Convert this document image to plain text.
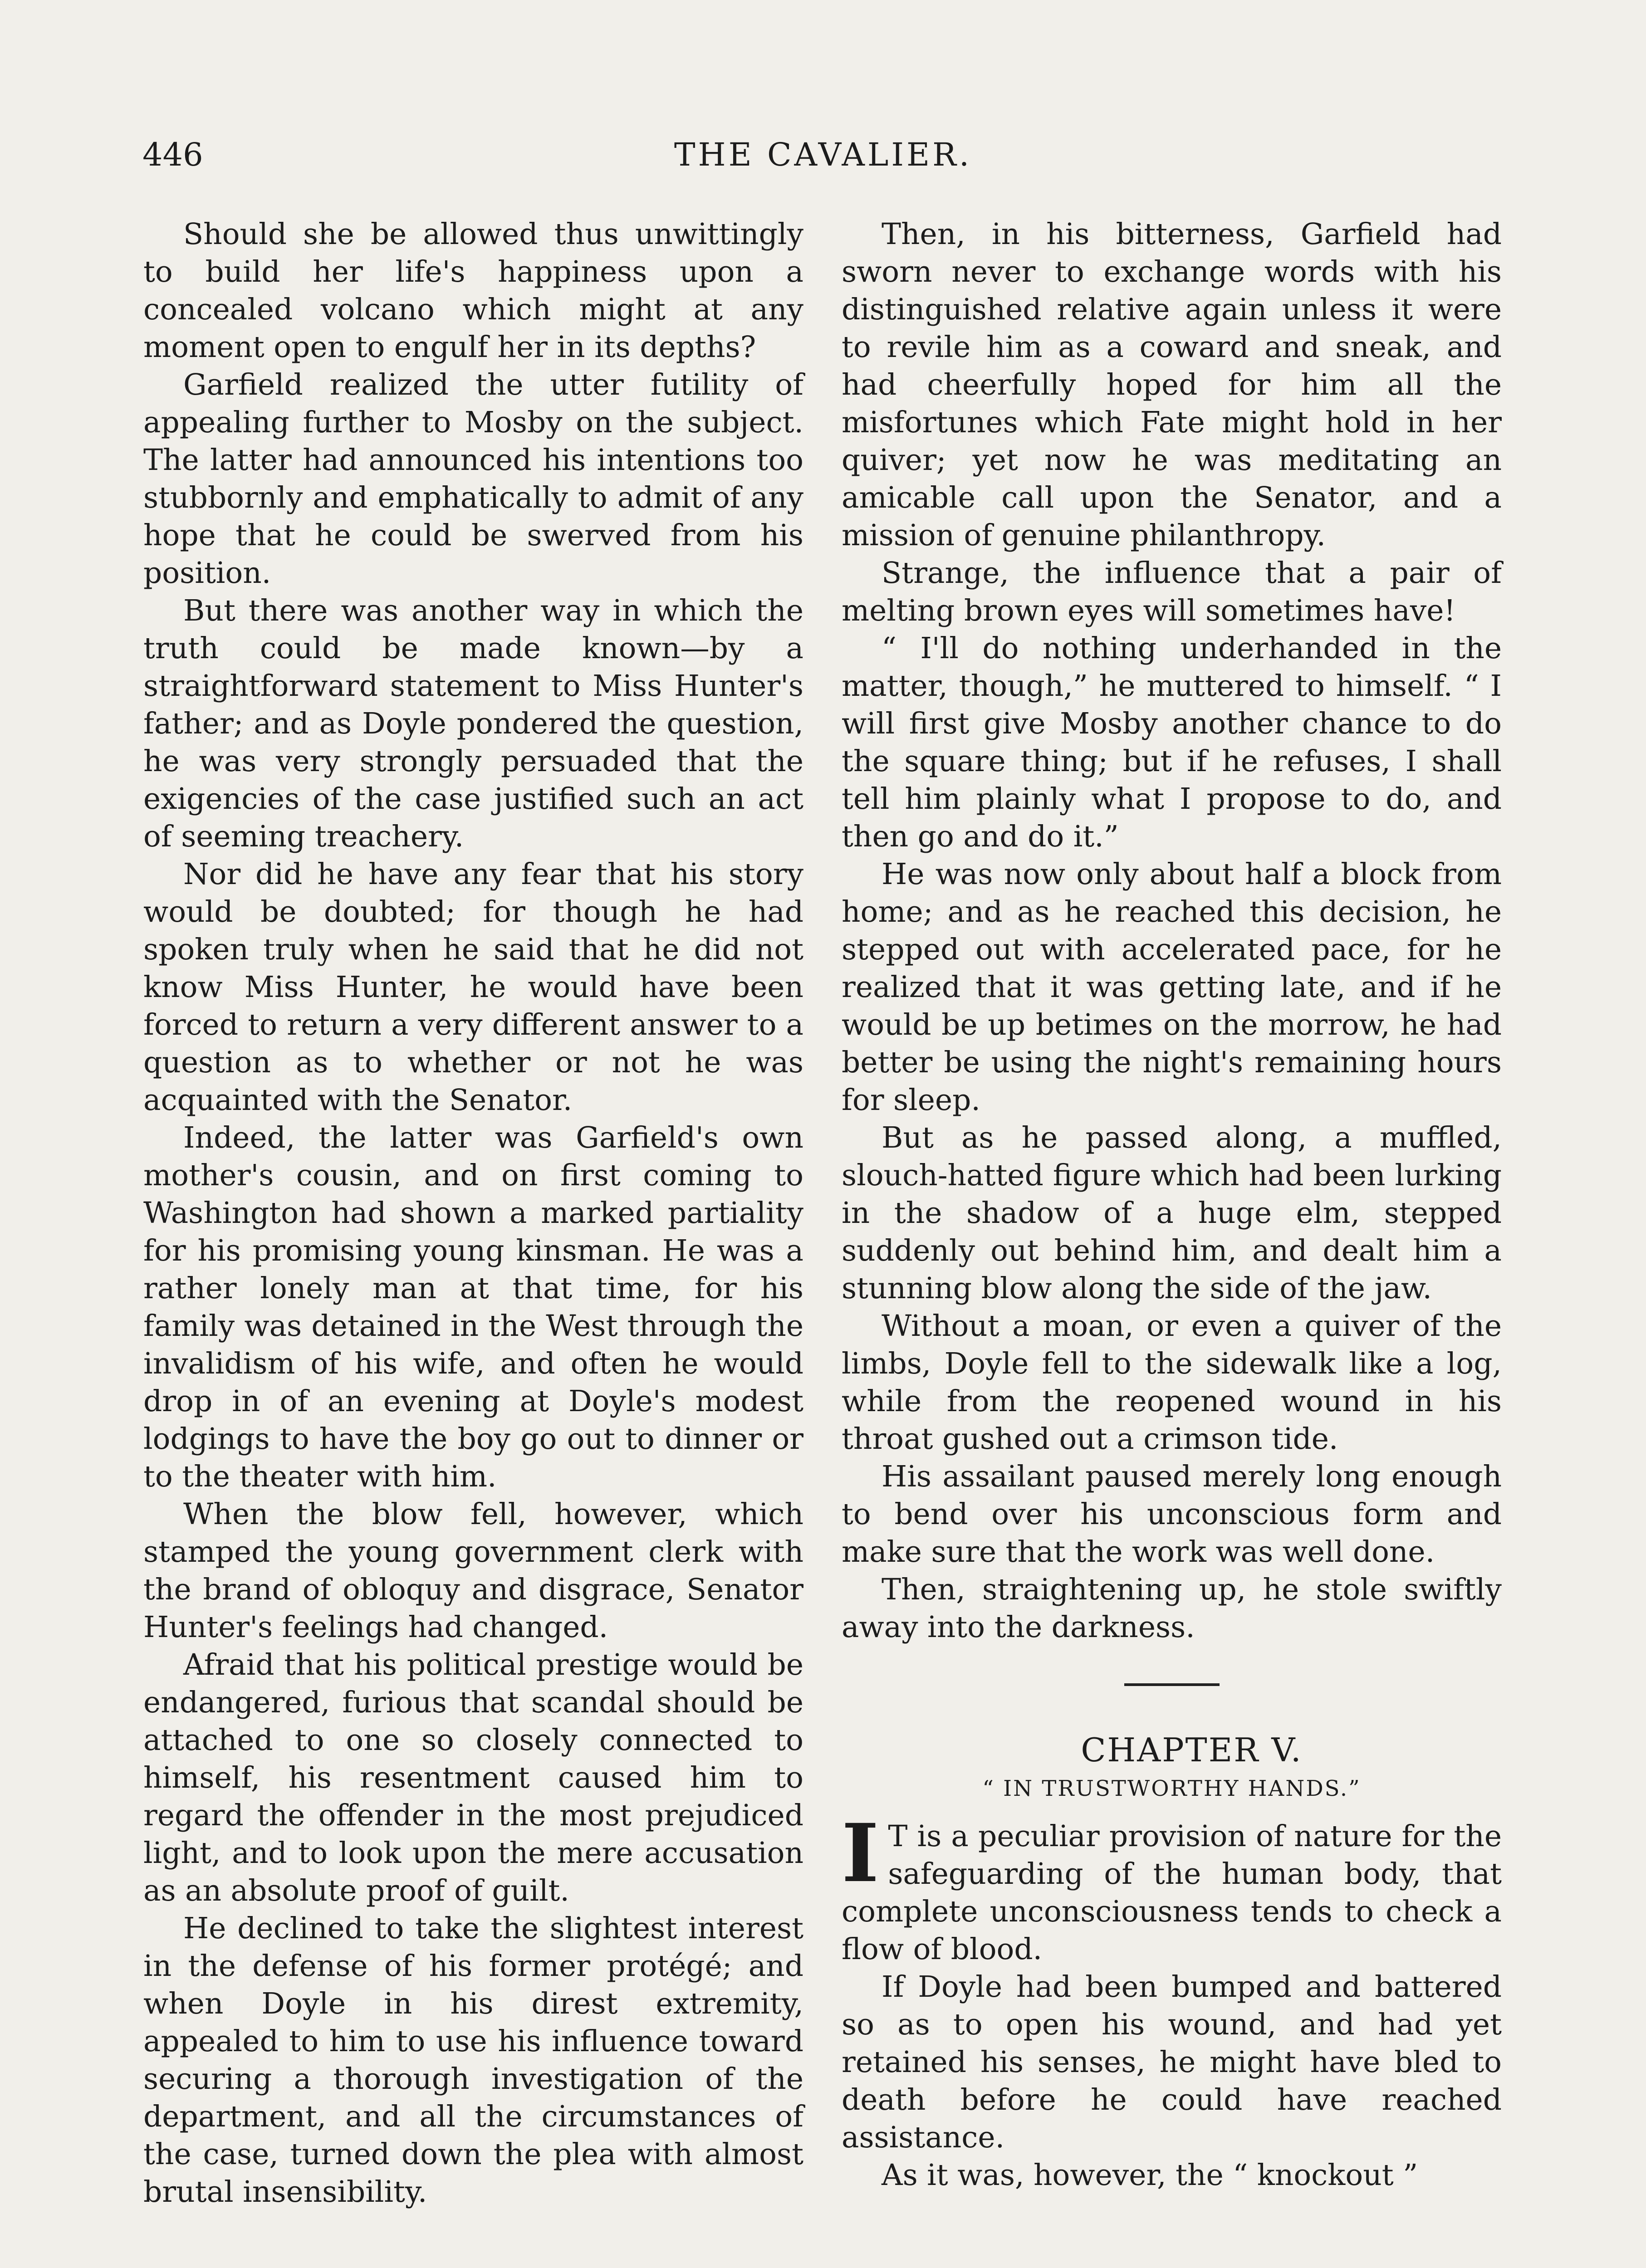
446	THE CAVALIER.

Should she be allowed thus unwittingly to build her life's happiness upon a concealed volcano which might at any moment open to engulf her in its depths?

Garfield realized the utter futility of appealing further to Mosby on the subject. The latter had announced his intentions too stubbornly and emphatically to admit of any hope that he could be swerved from his position.

But there was another way in which the truth could be made known—by a straightforward statement to Miss Hunter's father; and as Doyle pondered the question, he was very strongly persuaded that the exigencies of the case justified such an act of seeming treachery.

Nor did he have any fear that his story would be doubted; for though he had spoken truly when he said that he did not know Miss Hunter, he would have been forced to return a very different answer to a question as to whether or not he was acquainted with the Senator.

Indeed, the latter was Garfield's own mother's cousin, and on first coming to Washington had shown a marked partiality for his promising young kinsman. He was a rather lonely man at that time, for his family was detained in the West through the invalidism of his wife, and often he would drop in of an evening at Doyle's modest lodgings to have the boy go out to dinner or to the theater with him.

When the blow fell, however, which stamped the young government clerk with the brand of obloquy and disgrace, Senator Hunter's feelings had changed.

Afraid that his political prestige would be endangered, furious that scandal should be attached to one so closely connected to himself, his resentment caused him to regard the offender in the most prejudiced light, and to look upon the mere accusation as an absolute proof of guilt.

He declined to take the slightest interest in the defense of his former protégé; and when Doyle in his direst extremity, appealed to him to use his influence toward securing a thorough investigation of the department, and all the circumstances of the case, turned down the plea with almost brutal insensibility.

Then, in his bitterness, Garfield had sworn never to exchange words with his distinguished relative again unless it were to revile him as a coward and sneak, and had cheerfully hoped for him all the misfortunes which Fate might hold in her quiver; yet now he was meditating an amicable call upon the Senator, and a mission of genuine philanthropy.

Strange, the influence that a pair of melting brown eyes will sometimes have!

“ I'll do nothing underhanded in the matter, though,” he muttered to himself. “ I will first give Mosby another chance to do the square thing; but if he refuses, I shall tell him plainly what I propose to do, and then go and do it.”

He was now only about half a block from home; and as he reached this decision, he stepped out with accelerated pace, for he realized that it was getting late, and if he would be up betimes on the morrow, he had better be using the night's remaining hours for sleep.

But as he passed along, a muffled, slouch-hatted figure which had been lurking in the shadow of a huge elm, stepped suddenly out behind him, and dealt him a stunning blow along the side of the jaw.

Without a moan, or even a quiver of the limbs, Doyle fell to the sidewalk like a log, while from the reopened wound in his throat gushed out a crimson tide.

His assailant paused merely long enough to bend over his unconscious form and make sure that the work was well done.

Then, straightening up, he stole swiftly away into the darkness.

CHAPTER V.

“ IN TRUSTWORTHY HANDS.”

I T is a peculiar provision of nature for the safeguarding of the human body, that complete unconsciousness tends to check a flow of blood.

If Doyle had been bumped and battered so as to open his wound, and had yet retained his senses, he might have bled to death before he could have reached assistance.

As it was, however, the “ knockout ”
